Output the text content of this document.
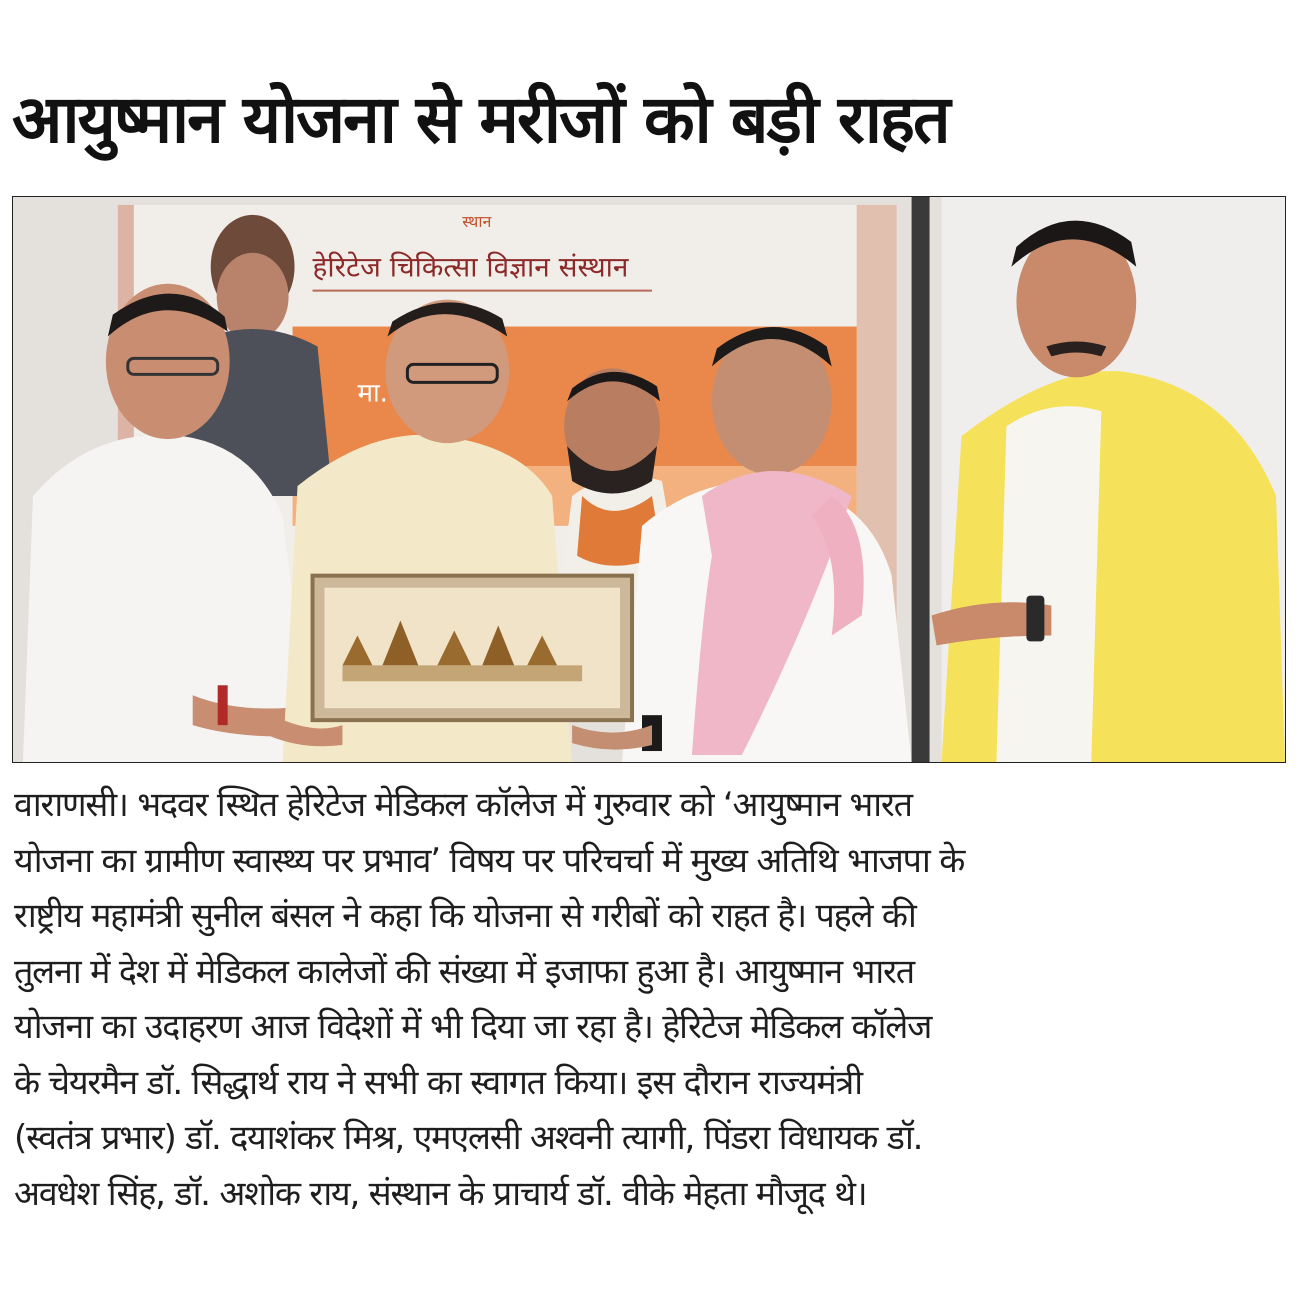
आयुष्मान योजना से मरीजों को बड़ी राहत
स्थान
हेरिटेज चिकित्सा विज्ञान संस्थान
मा.
वाराणसी। भदवर स्थित हेरिटेज मेडिकल कॉलेज में गुरुवार को ‘आयुष्मान भारत
योजना का ग्रामीण स्वास्थ्य पर प्रभाव’ विषय पर परिचर्चा में मुख्य अतिथि भाजपा के
राष्ट्रीय महामंत्री सुनील बंसल ने कहा कि योजना से गरीबों को राहत है। पहले की
तुलना में देश में मेडिकल कालेजों की संख्या में इजाफा हुआ है। आयुष्मान भारत
योजना का उदाहरण आज विदेशों में भी दिया जा रहा है। हेरिटेज मेडिकल कॉलेज
के चेयरमैन डॉ. सिद्धार्थ राय ने सभी का स्वागत किया। इस दौरान राज्यमंत्री
(स्वतंत्र प्रभार) डॉ. दयाशंकर मिश्र, एमएलसी अश्वनी त्यागी, पिंडरा विधायक डॉ.
अवधेश सिंह, डॉ. अशोक राय, संस्थान के प्राचार्य डॉ. वीके मेहता मौजूद थे।
